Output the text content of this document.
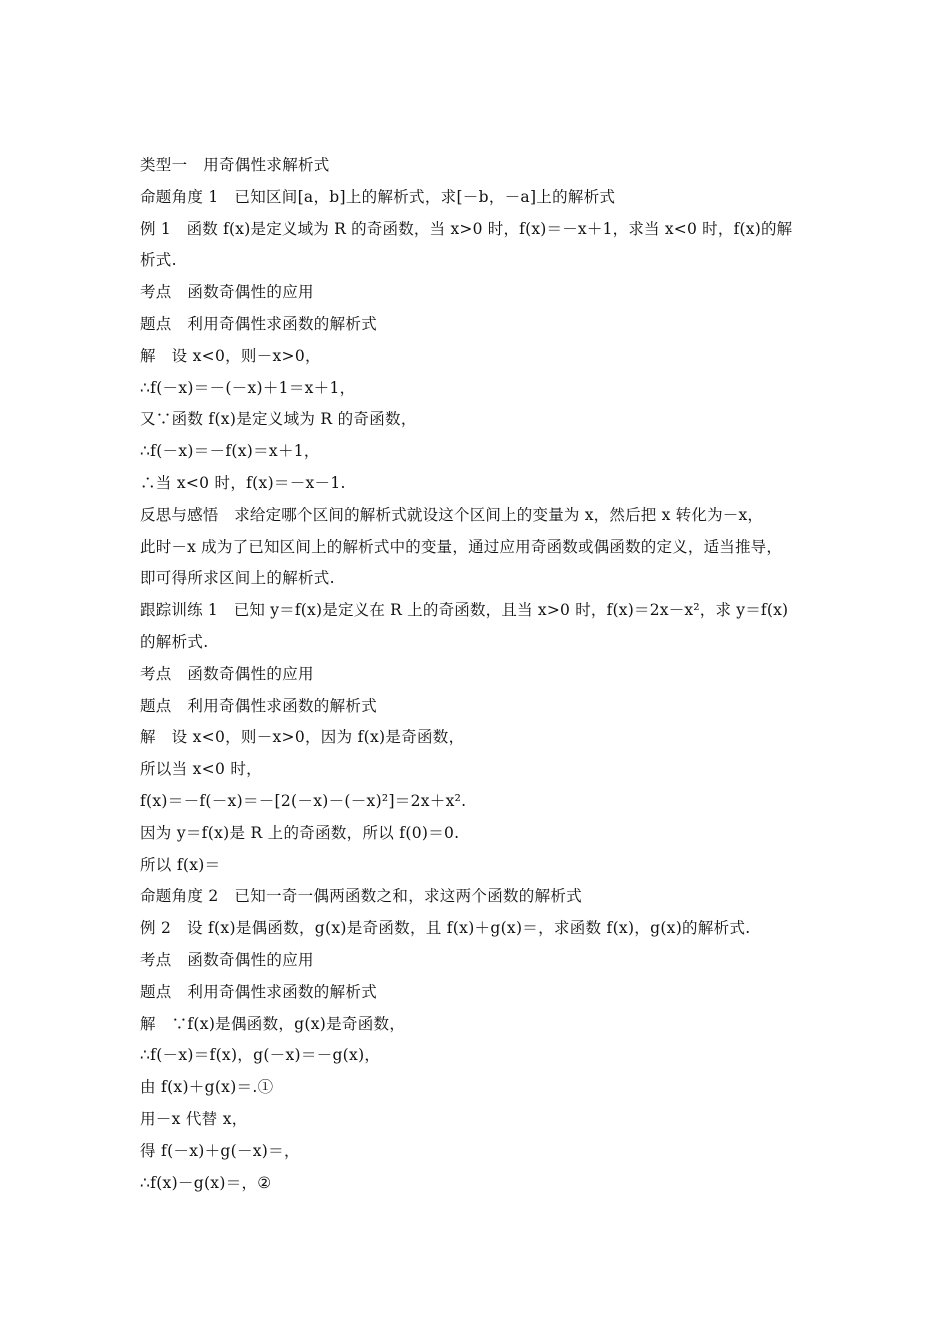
类型一　用奇偶性求解析式
命题角度 1　已知区间[a，b]上的解析式，求[－b，－a]上的解析式
例 1　函数 f(x)是定义域为 R 的奇函数，当 x>0 时，f(x)＝－x＋1，求当 x<0 时，f(x)的解
析式.
考点　函数奇偶性的应用
题点　利用奇偶性求函数的解析式
解　设 x<0，则－x>0，
∴f(－x)＝－(－x)＋1＝x＋1，
又∵函数 f(x)是定义域为 R 的奇函数，
∴f(－x)＝－f(x)＝x＋1，
∴当 x<0 时，f(x)＝－x－1.
反思与感悟　求给定哪个区间的解析式就设这个区间上的变量为 x，然后把 x 转化为－x，
此时－x 成为了已知区间上的解析式中的变量，通过应用奇函数或偶函数的定义，适当推导，
即可得所求区间上的解析式.
跟踪训练 1　已知 y＝f(x)是定义在 R 上的奇函数，且当 x>0 时，f(x)＝2x－x²，求 y＝f(x)
的解析式.
考点　函数奇偶性的应用
题点　利用奇偶性求函数的解析式
解　设 x<0，则－x>0，因为 f(x)是奇函数，
所以当 x<0 时，
f(x)＝－f(－x)＝－[2(－x)－(－x)²]＝2x＋x².
因为 y＝f(x)是 R 上的奇函数，所以 f(0)＝0.
所以 f(x)＝
命题角度 2　已知一奇一偶两函数之和，求这两个函数的解析式
例 2　设 f(x)是偶函数，g(x)是奇函数，且 f(x)＋g(x)＝，求函数 f(x)，g(x)的解析式.
考点　函数奇偶性的应用
题点　利用奇偶性求函数的解析式
解　∵f(x)是偶函数，g(x)是奇函数，
∴f(－x)＝f(x)，g(－x)＝－g(x)，
由 f(x)＋g(x)＝.①
用－x 代替 x，
得 f(－x)＋g(－x)＝，
∴f(x)－g(x)＝，②
